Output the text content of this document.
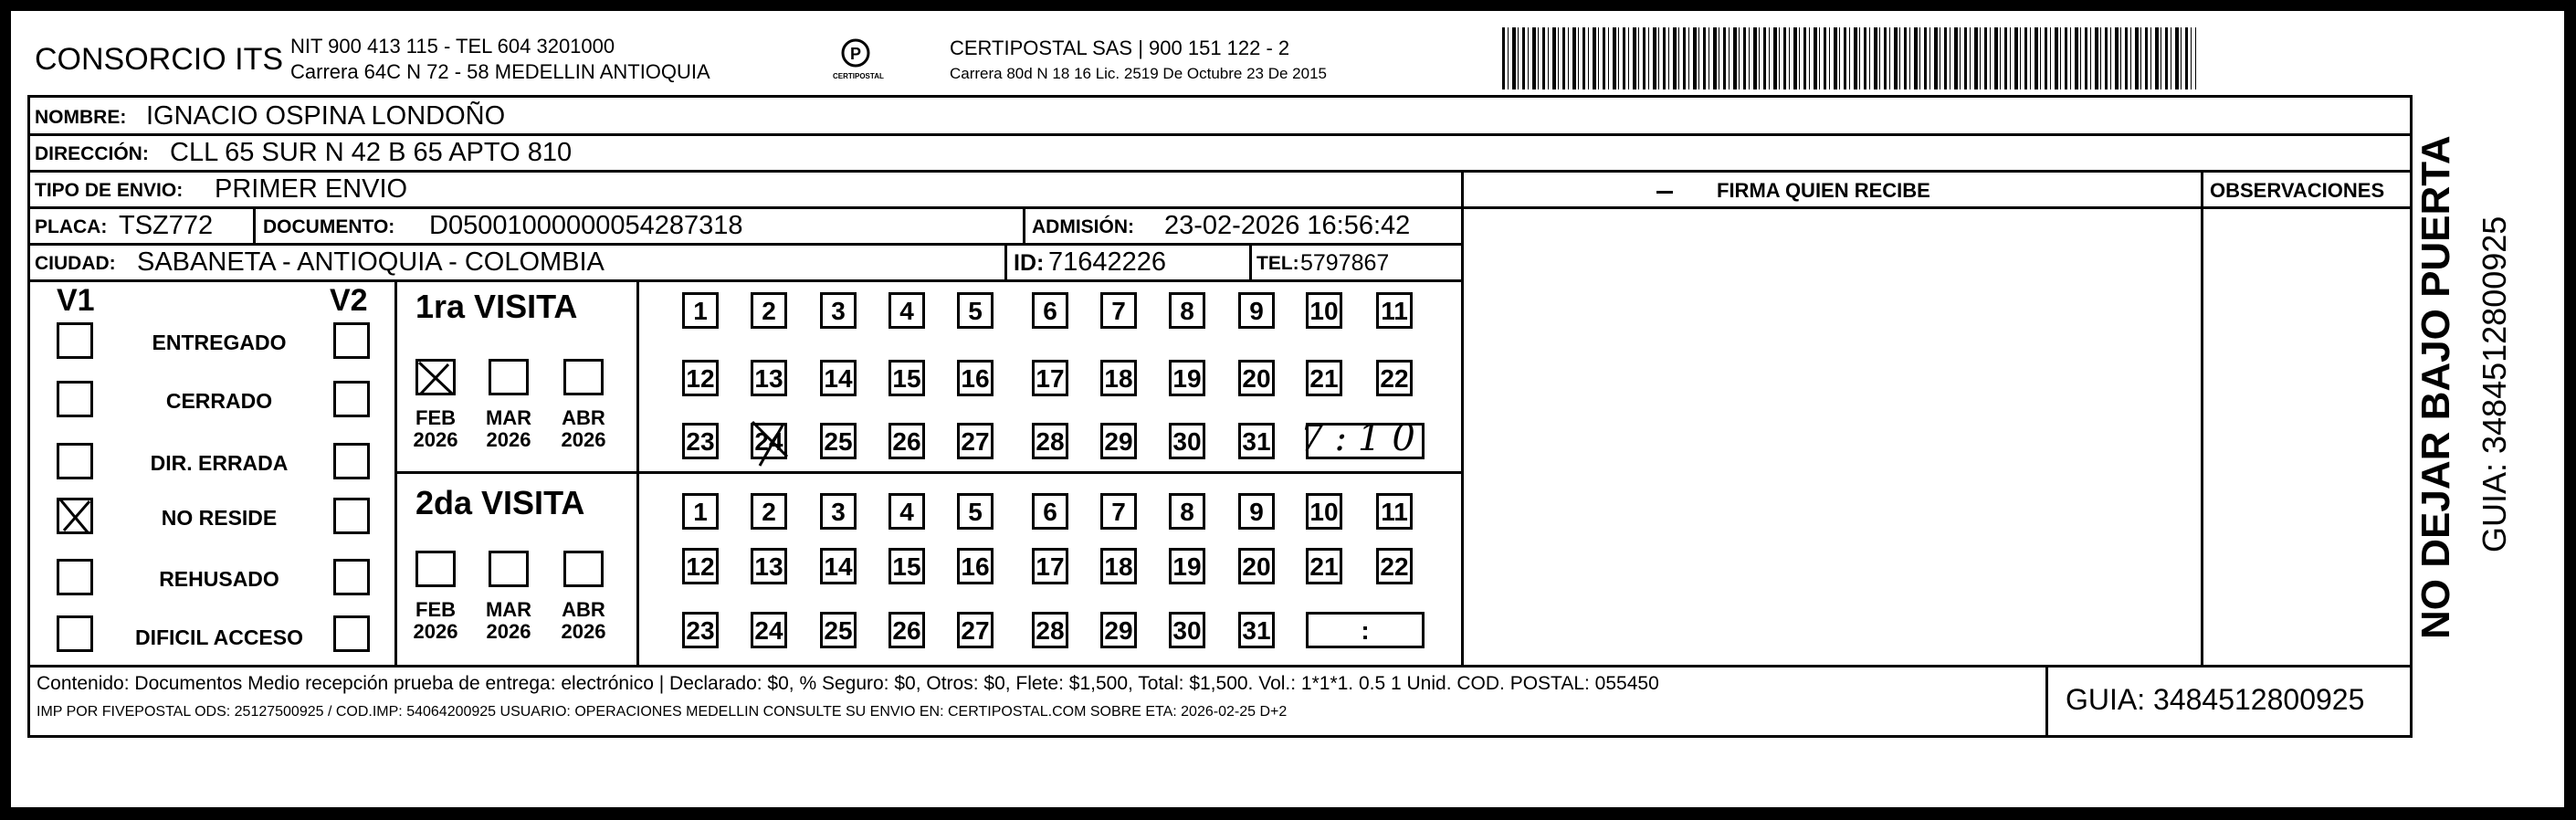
CONSORCIO ITS NIT 900 413 115 - TEL 604 3201000
Carrera 64C N 72 - 58 MEDELLIN ANTIOQUIA
P
CERTIPOSTAL
CERTIPOSTAL SAS | 900 151 122 - 2
Carrera 80d N 18 16 Lic. 2519 De Octubre 23 De 2015
NOMBRE: IGNACIO OSPINA LONDOÑO
DIRECCIÓN: CLL 65 SUR N 42 B 65 APTO 810
TIPO DE ENVIO: PRIMER ENVIO
PLACA: TSZ772	DOCUMENTO: D05001000000054287318	ADMISIÓN: 23-02-2026 16:56:42
CIUDAD: SABANETA - ANTIOQUIA - COLOMBIA	ID: 71642226	TEL: 5797867
FIRMA QUIEN RECIBE	OBSERVACIONES
V1	V2
ENTREGADO
CERRADO
DIR. ERRADA
NO RESIDE
REHUSADO
DIFICIL ACCESO
1ra VISITA
FEB
2026
MAR
2026
ABR
2026
1	2	3	4	5	6	7	8	9	10 11
12 13 14 15 16 17 18 19 20 21 22
23 24 25 26 27 28 29 30 31 7:10
2da VISITA
FEB
2026
MAR
2026
ABR
2026
1	2	3	4	5	6	7	8	9	10 11
12 13 14 15 16 17 18 19 20 21 22
23 24 25 26 27 28 29 30 31	:
Contenido: Documentos Medio recepción prueba de entrega: electrónico | Declarado: $0, % Seguro: $0, Otros: $0, Flete: $1,500, Total: $1,500. Vol.: 1*1*1. 0.5 1 Unid. COD. POSTAL: 055450
IMP POR FIVEPOSTAL ODS: 25127500925 / COD.IMP: 54064200925 USUARIO: OPERACIONES MEDELLIN CONSULTE SU ENVIO EN: CERTIPOSTAL.COM SOBRE ETA: 2026-02-25 D+2	GUIA: 3484512800925
NO DEJAR BAJO PUERTA GUIA: 3484512800925
